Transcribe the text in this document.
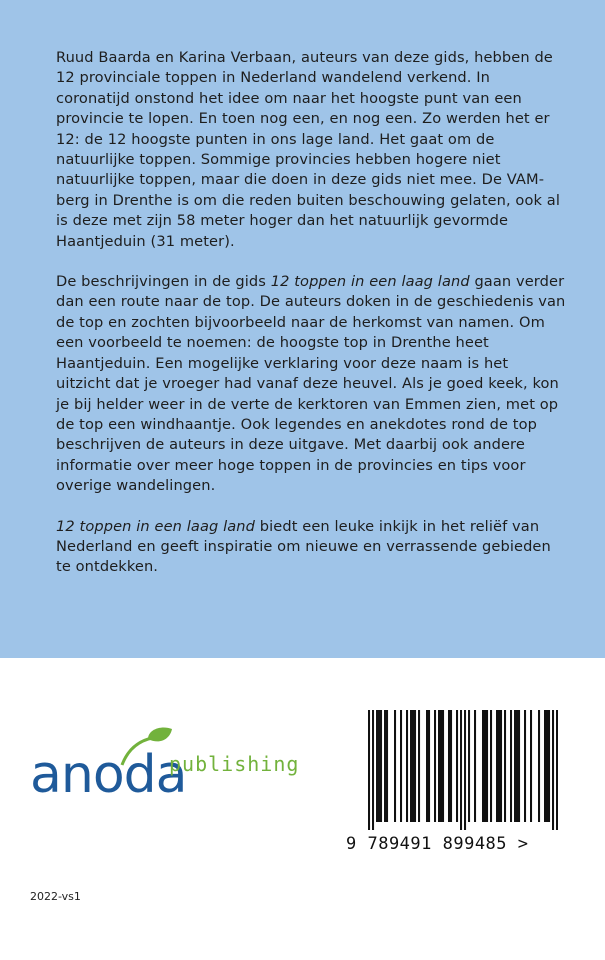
Ruud Baarda en Karina Verbaan, auteurs van deze gids, hebben de 12 provinciale toppen in Nederland wandelend verkend. In coronatijd onstond het idee om naar het hoogste punt van een provincie te lopen. En toen nog een, en nog een. Zo werden het er 12: de 12 hoogste punten in ons lage land. Het gaat om de natuurlijke toppen. Sommige provincies hebben hogere niet natuurlijke toppen, maar die doen in deze gids niet mee. De VAM-berg in Drenthe is om die reden buiten beschouwing gelaten, ook al is deze met zijn 58 meter hoger dan het natuurlijk gevormde Haantjeduin (31 meter).

De beschrijvingen in de gids 12 toppen in een laag land gaan verder dan een route naar de top. De auteurs doken in de geschiedenis van de top en zochten bijvoorbeeld naar de herkomst van namen. Om een voorbeeld te noemen: de hoogste top in Drenthe heet Haantjeduin. Een mogelijke verklaring voor deze naam is het uitzicht dat je vroeger had vanaf deze heuvel. Als je goed keek, kon je bij helder weer in de verte de kerktoren van Emmen zien, met op de top een windhaantje. Ook legendes en anekdotes rond de top beschrijven de auteurs in deze uitgave. Met daarbij ook andere informatie over meer hoge toppen in de provincies en tips voor overige wandelingen.

12 toppen in een laag land biedt een leuke inkijk in het reliëf van Nederland en geeft inspiratie om nieuwe en verrassende gebieden te ontdekken.

anoda
publishing
9 789491 899485 >
2022-vs1
